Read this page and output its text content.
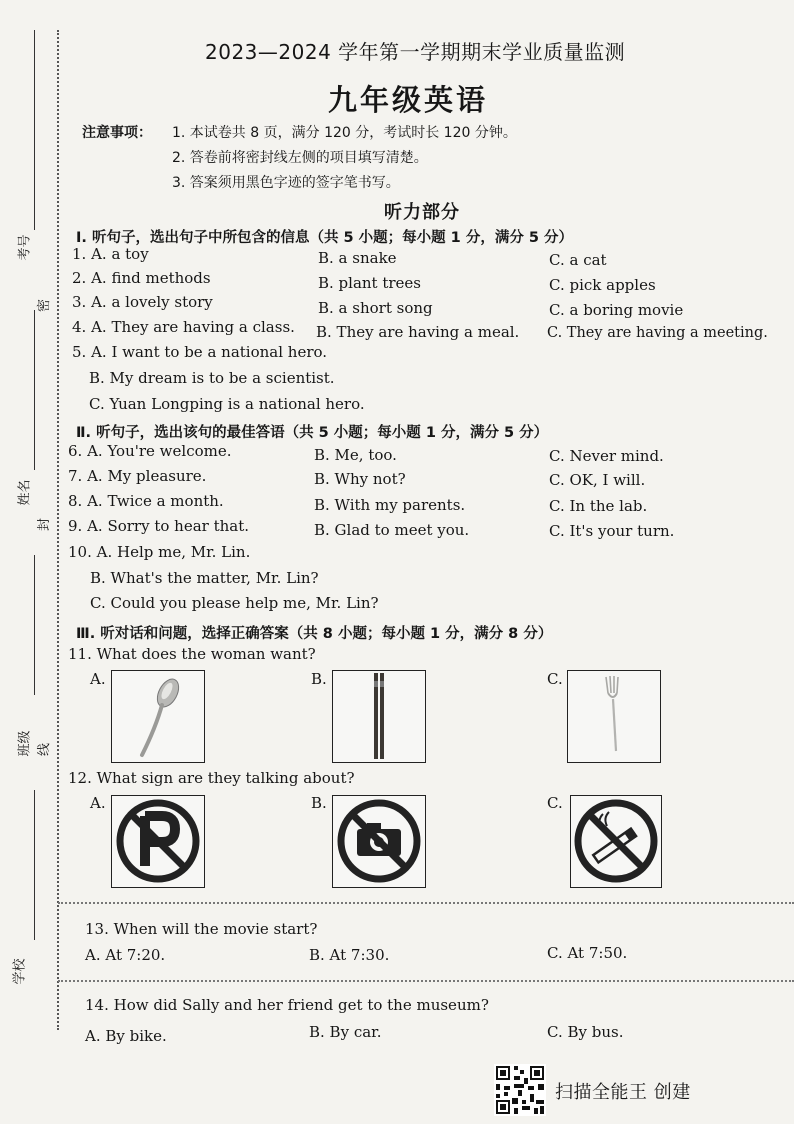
考号
密
姓名
封
班级 线
学校
2023—2024 学年第一学期期末学业质量监测
九年级英语
注意事项： 1. 本试卷共 8 页，满分 120 分，考试时长 120 分钟。
2. 答卷前将密封线左侧的项目填写清楚。
3. 答案须用黑色字迹的签字笔书写。
听力部分
Ⅰ. 听句子，选出句子中所包含的信息（共 5 小题；每小题 1 分，满分 5 分）
1. A. a toy	B. a snake	C. a cat
2. A. find methods	B. plant trees	C. pick apples
3. A. a lovely story	B. a short song	C. a boring movie
4. A. They are having a class. B. They are having a meal. C. They are having a meeting.
5. A. I want to be a national hero.
B. My dream is to be a scientist.
C. Yuan Longping is a national hero.
Ⅱ. 听句子，选出该句的最佳答语（共 5 小题；每小题 1 分，满分 5 分）
6. A. You're welcome.	B. Me, too.	C. Never mind.
7. A. My pleasure.	B. Why not?	C. OK, I will.
8. A. Twice a month.	B. With my parents.	C. In the lab.
9. A. Sorry to hear that.	B. Glad to meet you.	C. It's your turn.
10. A. Help me, Mr. Lin.
B. What's the matter, Mr. Lin?
C. Could you please help me, Mr. Lin?
Ⅲ. 听对话和问题，选择正确答案（共 8 小题；每小题 1 分，满分 8 分）
11. What does the woman want?
A.	B.	C.
12. What sign are they talking about?
A.	B.	C.
13. When will the movie start?
A. At 7:20.	B. At 7:30.	C. At 7:50.
14. How did Sally and her friend get to the museum?
A. By bike.	B. By car.	C. By bus.
扫描全能王 创建
